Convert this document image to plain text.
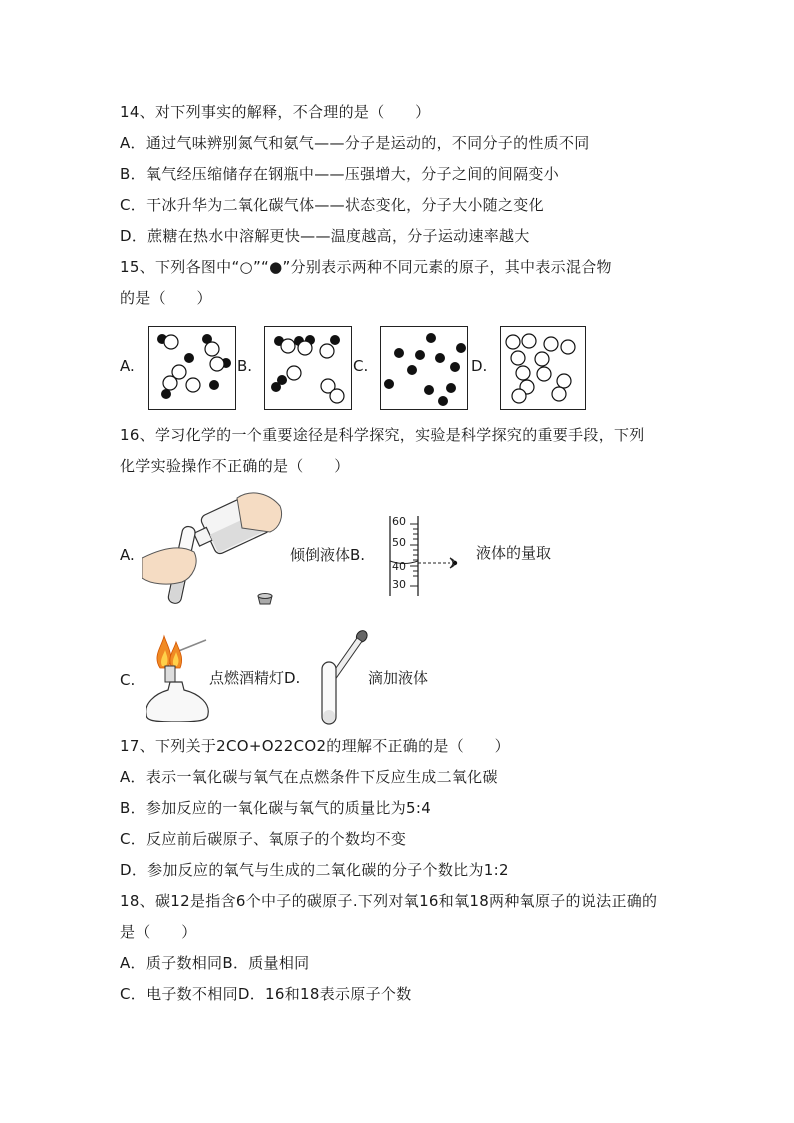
14、对下列事实的解释，不合理的是（　　）
A．通过气味辨别氮气和氨气——分子是运动的，不同分子的性质不同
B．氧气经压缩储存在钢瓶中——压强增大，分子之间的间隔变小
C．干冰升华为二氧化碳气体——状态变化，分子大小随之变化
D．蔗糖在热水中溶解更快——温度越高，分子运动速率越大
15、下列各图中“○”“●”分别表示两种不同元素的原子，其中表示混合物
的是（　　）
A.	B.	C.	D.
16、学习化学的一个重要途径是科学探究，实验是科学探究的重要手段，下列
化学实验操作不正确的是（　　）
A.	倾倒液体B.
60
50
40
30
液体的量取
C.	点燃酒精灯D.	滴加液体
17、下列关于2CO+O22CO2的理解不正确的是（　　）
A．表示一氧化碳与氧气在点燃条件下反应生成二氧化碳
B．参加反应的一氧化碳与氧气的质量比为5:4
C．反应前后碳原子、氧原子的个数均不变
D．参加反应的氧气与生成的二氧化碳的分子个数比为1:2
18、碳12是指含6个中子的碳原子.下列对氧16和氧18两种氧原子的说法正确的
是（　　）
A．质子数相同B．质量相同
C．电子数不相同D．16和18表示原子个数
